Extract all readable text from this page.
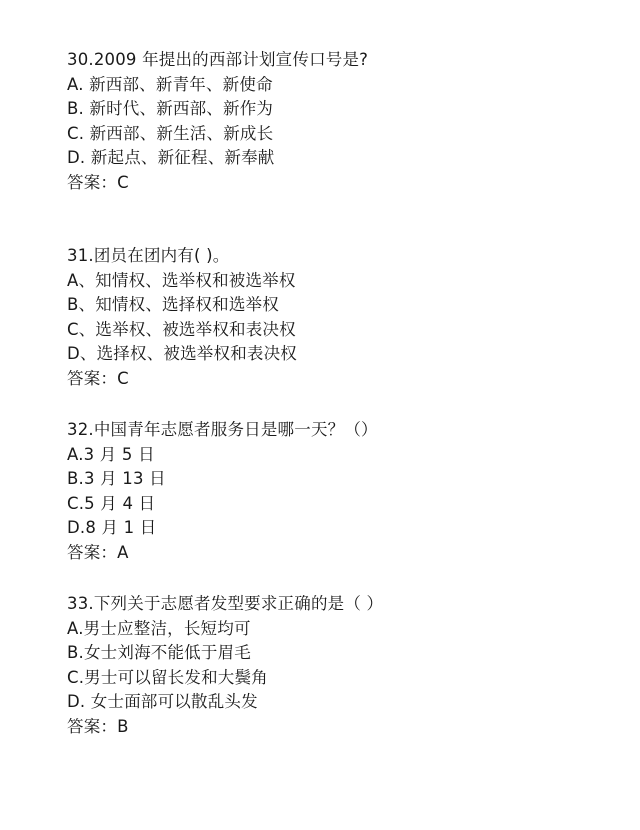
30.2009 年提出的西部计划宣传口号是?
A. 新西部、新青年、新使命
B. 新时代、新西部、新作为
C. 新西部、新生活、新成长
D. 新起点、新征程、新奉献
答案：C
31.团员在团内有( )。
A、知情权、选举权和被选举权
B、知情权、选择权和选举权
C、选举权、被选举权和表决权
D、选择权、被选举权和表决权
答案：C
32.中国青年志愿者服务日是哪一天？（）
A.3 月 5 日
B.3 月 13 日
C.5 月 4 日
D.8 月 1 日
答案：A
33.下列关于志愿者发型要求正确的是（ ）
A.男士应整洁，长短均可
B.女士刘海不能低于眉毛
C.男士可以留长发和大鬓角
D. 女士面部可以散乱头发
答案：B
